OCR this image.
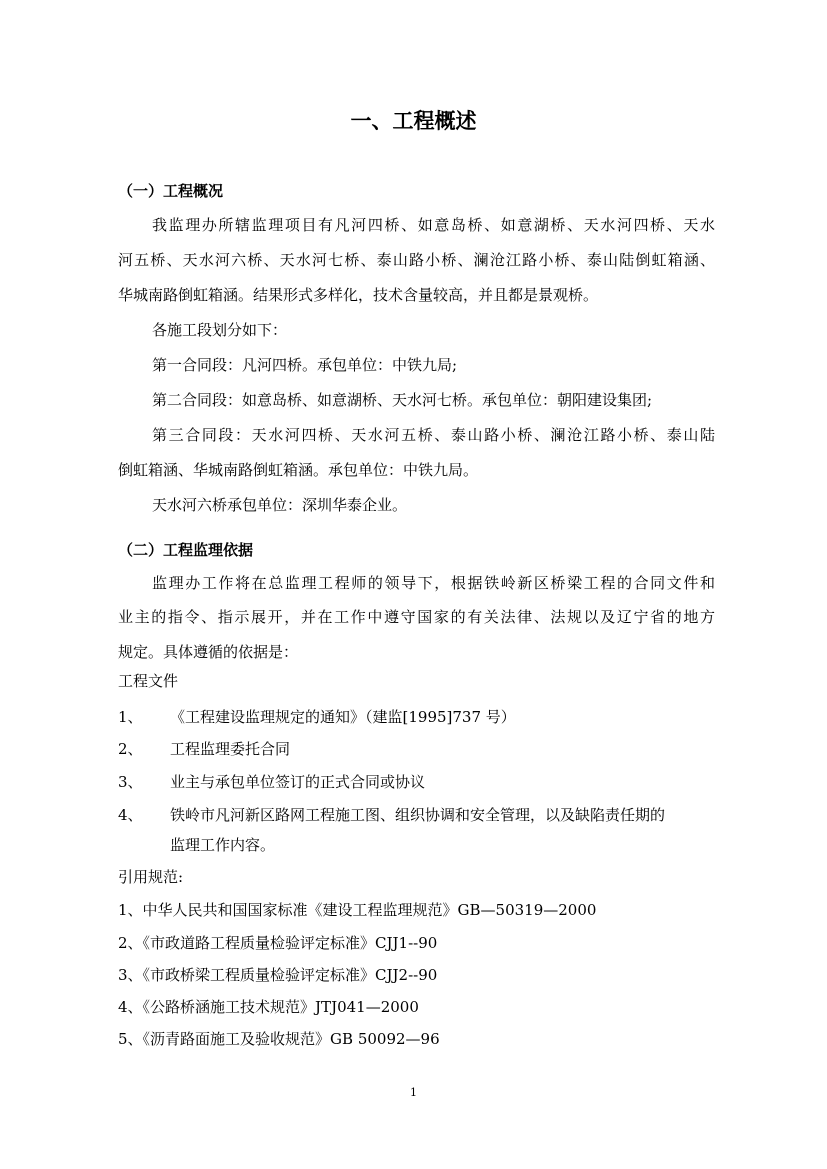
一、工程概述
（一）工程概况

我监理办所辖监理项目有凡河四桥、如意岛桥、如意湖桥、天水河四桥、天水

河五桥、天水河六桥、天水河七桥、泰山路小桥、澜沧江路小桥、泰山陆倒虹箱涵、

华城南路倒虹箱涵。结果形式多样化，技术含量较高，并且都是景观桥。

各施工段划分如下：

第一合同段：凡河四桥。承包单位：中铁九局;

第二合同段：如意岛桥、如意湖桥、天水河七桥。承包单位：朝阳建设集团;

第三合同段：天水河四桥、天水河五桥、泰山路小桥、澜沧江路小桥、泰山陆

倒虹箱涵、华城南路倒虹箱涵。承包单位：中铁九局。

天水河六桥承包单位：深圳华泰企业。

（二）工程监理依据

监理办工作将在总监理工程师的领导下，根据铁岭新区桥梁工程的合同文件和

业主的指令、指示展开，并在工作中遵守国家的有关法律、法规以及辽宁省的地方

规定。具体遵循的依据是：

工程文件

1、 《工程建设监理规定的通知》（建监[1995]737 号）
2、 工程监理委托合同
3、 业主与承包单位签订的正式合同或协议
4、 铁岭市凡河新区路网工程施工图、组织协调和安全管理，以及缺陷责任期的
监理工作内容。

引用规范:

1、中华人民共和国国家标准《建设工程监理规范》GB—50319—2000

2、《市政道路工程质量检验评定标准》CJJ1--90

3、《市政桥梁工程质量检验评定标准》CJJ2--90

4、《公路桥涵施工技术规范》JTJ041—2000

5、《沥青路面施工及验收规范》GB 50092—96

1
